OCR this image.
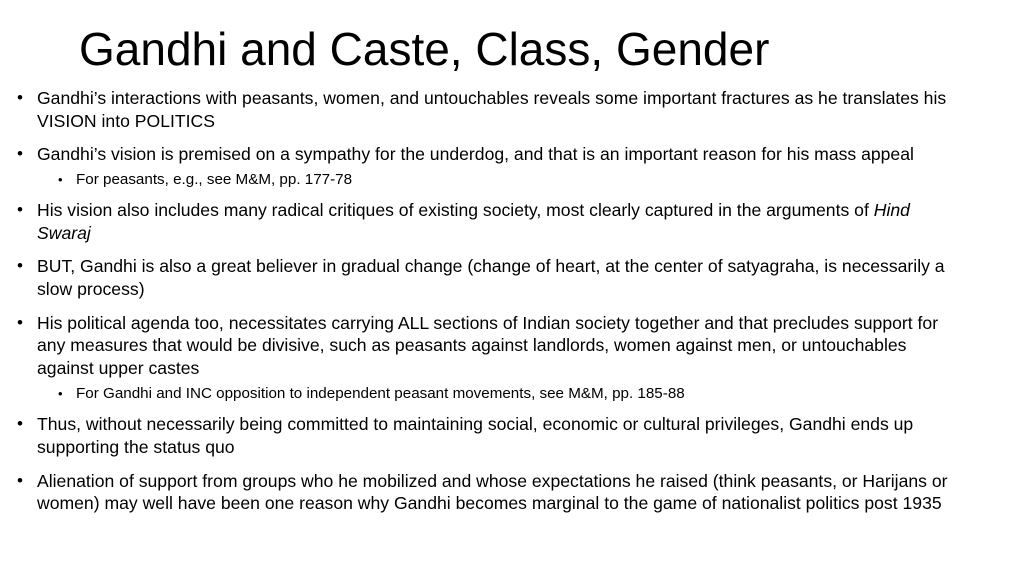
Gandhi and Caste, Class, Gender
• Gandhi’s interactions with peasants, women, and untouchables reveals some important fractures as he translates his VISION into POLITICS
• Gandhi’s vision is premised on a sympathy for the underdog, and that is an important reason for his mass appeal
• For peasants, e.g., see M&M, pp. 177-78
• His vision also includes many radical critiques of existing society, most clearly captured in the arguments of Hind Swaraj
• BUT, Gandhi is also a great believer in gradual change (change of heart, at the center of satyagraha, is necessarily a slow process)
• His political agenda too, necessitates carrying ALL sections of Indian society together and that precludes support for any measures that would be divisive, such as peasants against landlords, women against men, or untouchables against upper castes
• For Gandhi and INC opposition to independent peasant movements, see M&M, pp. 185-88
• Thus, without necessarily being committed to maintaining social, economic or cultural privileges, Gandhi ends up supporting the status quo
• Alienation of support from groups who he mobilized and whose expectations he raised (think peasants, or Harijans or women) may well have been one reason why Gandhi becomes marginal to the game of nationalist politics post 1935
